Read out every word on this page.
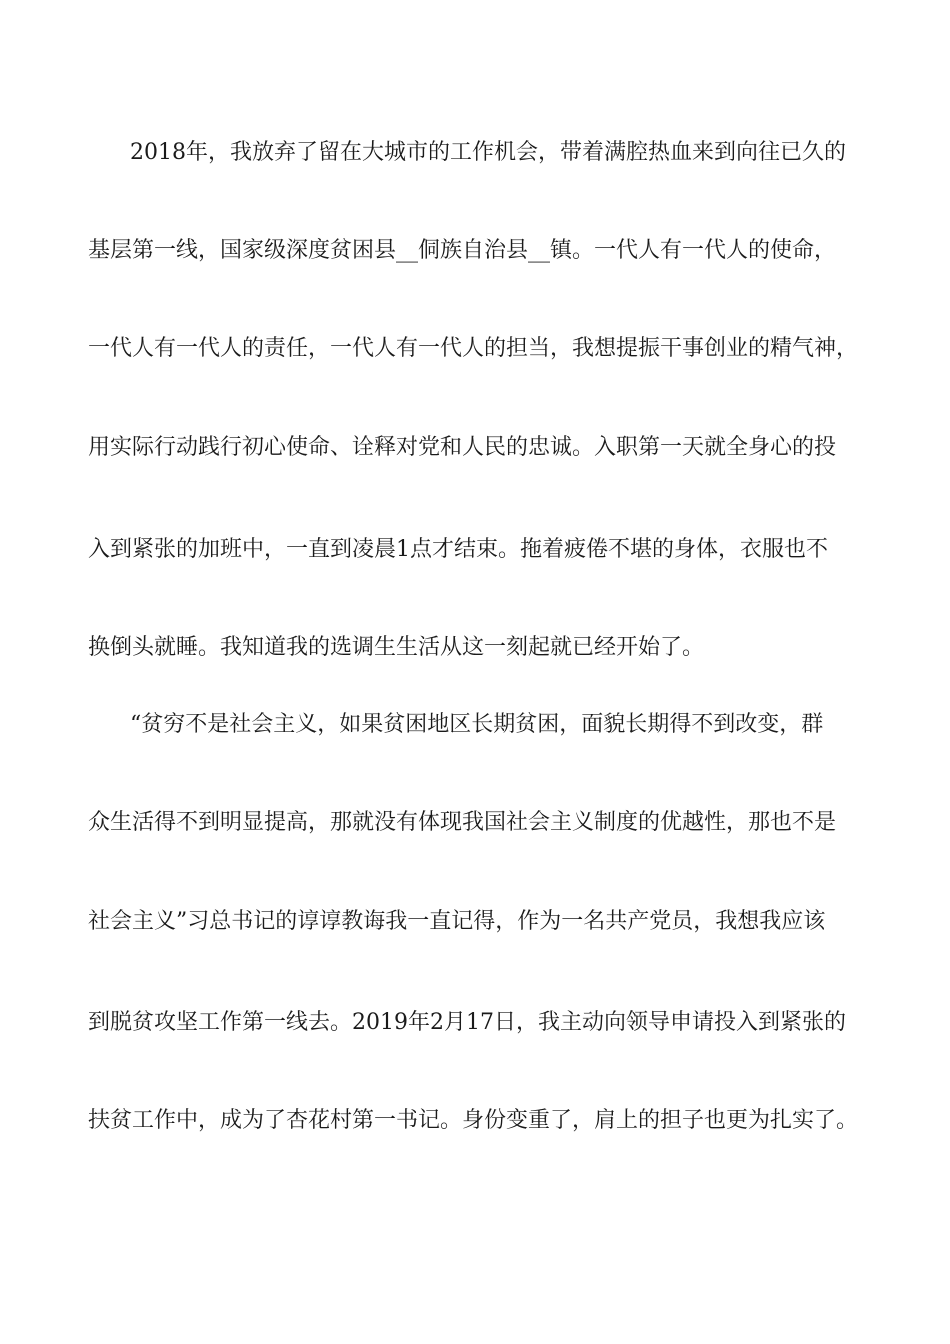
2018年，我放弃了留在大城市的工作机会，带着满腔热血来到向往已久的
基层第一线，国家级深度贫困县__侗族自治县__镇。一代人有一代人的使命，
一代人有一代人的责任，一代人有一代人的担当，我想提振干事创业的精气神，
用实际行动践行初心使命、诠释对党和人民的忠诚。入职第一天就全身心的投
入到紧张的加班中，一直到凌晨1点才结束。拖着疲倦不堪的身体，衣服也不
换倒头就睡。我知道我的选调生生活从这一刻起就已经开始了。
“贫穷不是社会主义，如果贫困地区长期贫困，面貌长期得不到改变，群
众生活得不到明显提高，那就没有体现我国社会主义制度的优越性，那也不是
社会主义”习总书记的谆谆教诲我一直记得，作为一名共产党员，我想我应该
到脱贫攻坚工作第一线去。2019年2月17日，我主动向领导申请投入到紧张的
扶贫工作中，成为了杏花村第一书记。身份变重了，肩上的担子也更为扎实了。
